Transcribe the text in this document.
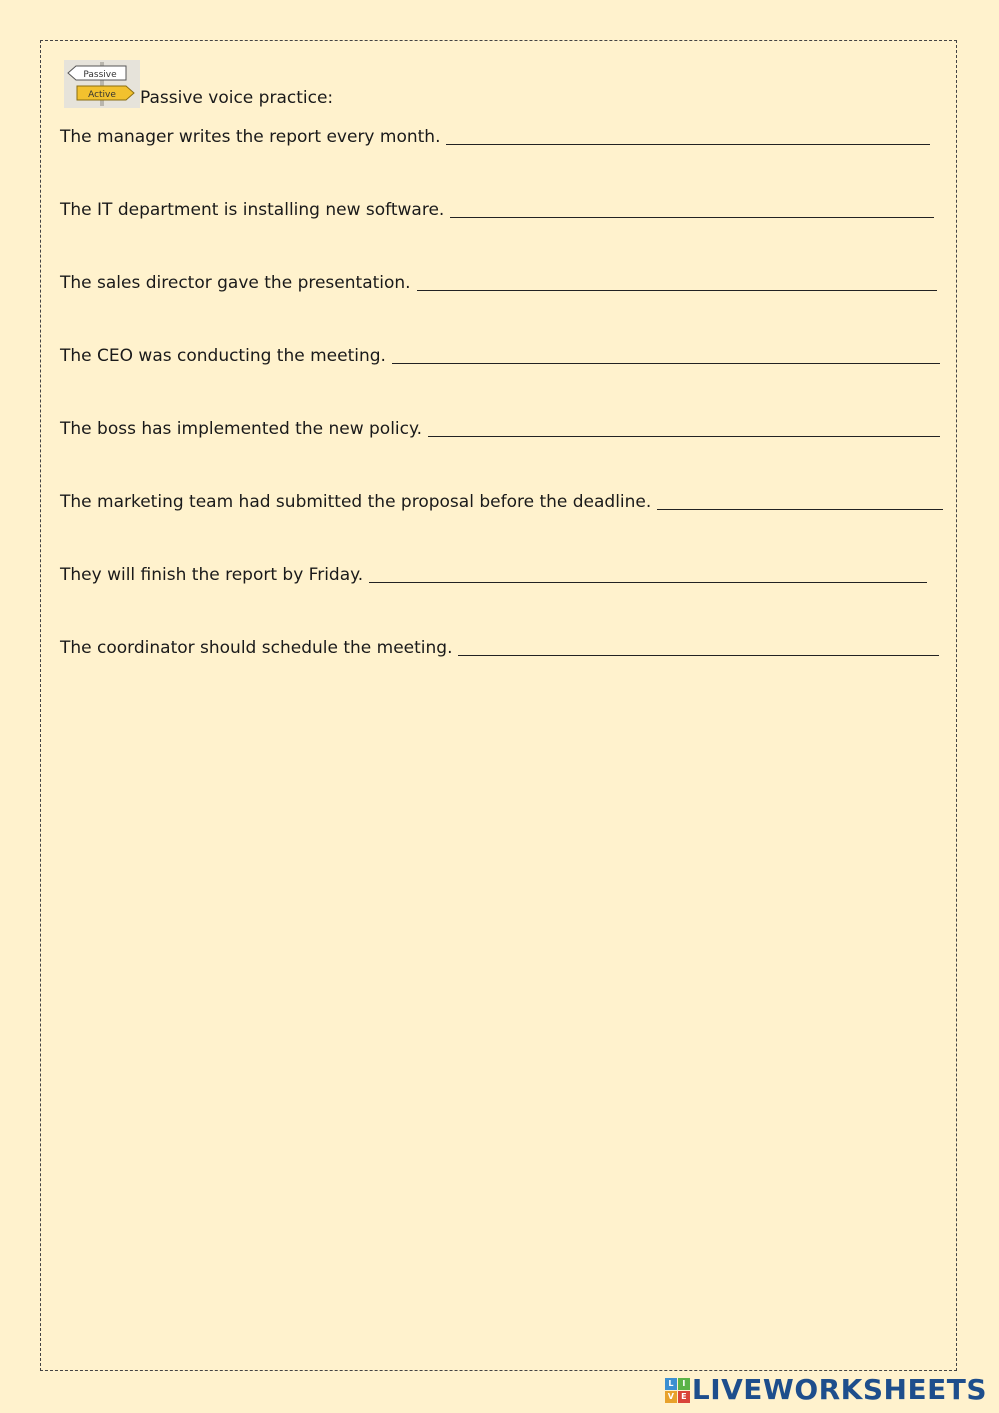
Passive
Active Passive voice practice:
The manager writes the report every month.
The IT department is installing new software.
The sales director gave the presentation.
The CEO was conducting the meeting.
The boss has implemented the new policy.
The marketing team had submitted the proposal before the deadline.
They will finish the report by Friday.
The coordinator should schedule the meeting.
L	I
V E LIVEWORKSHEETS
